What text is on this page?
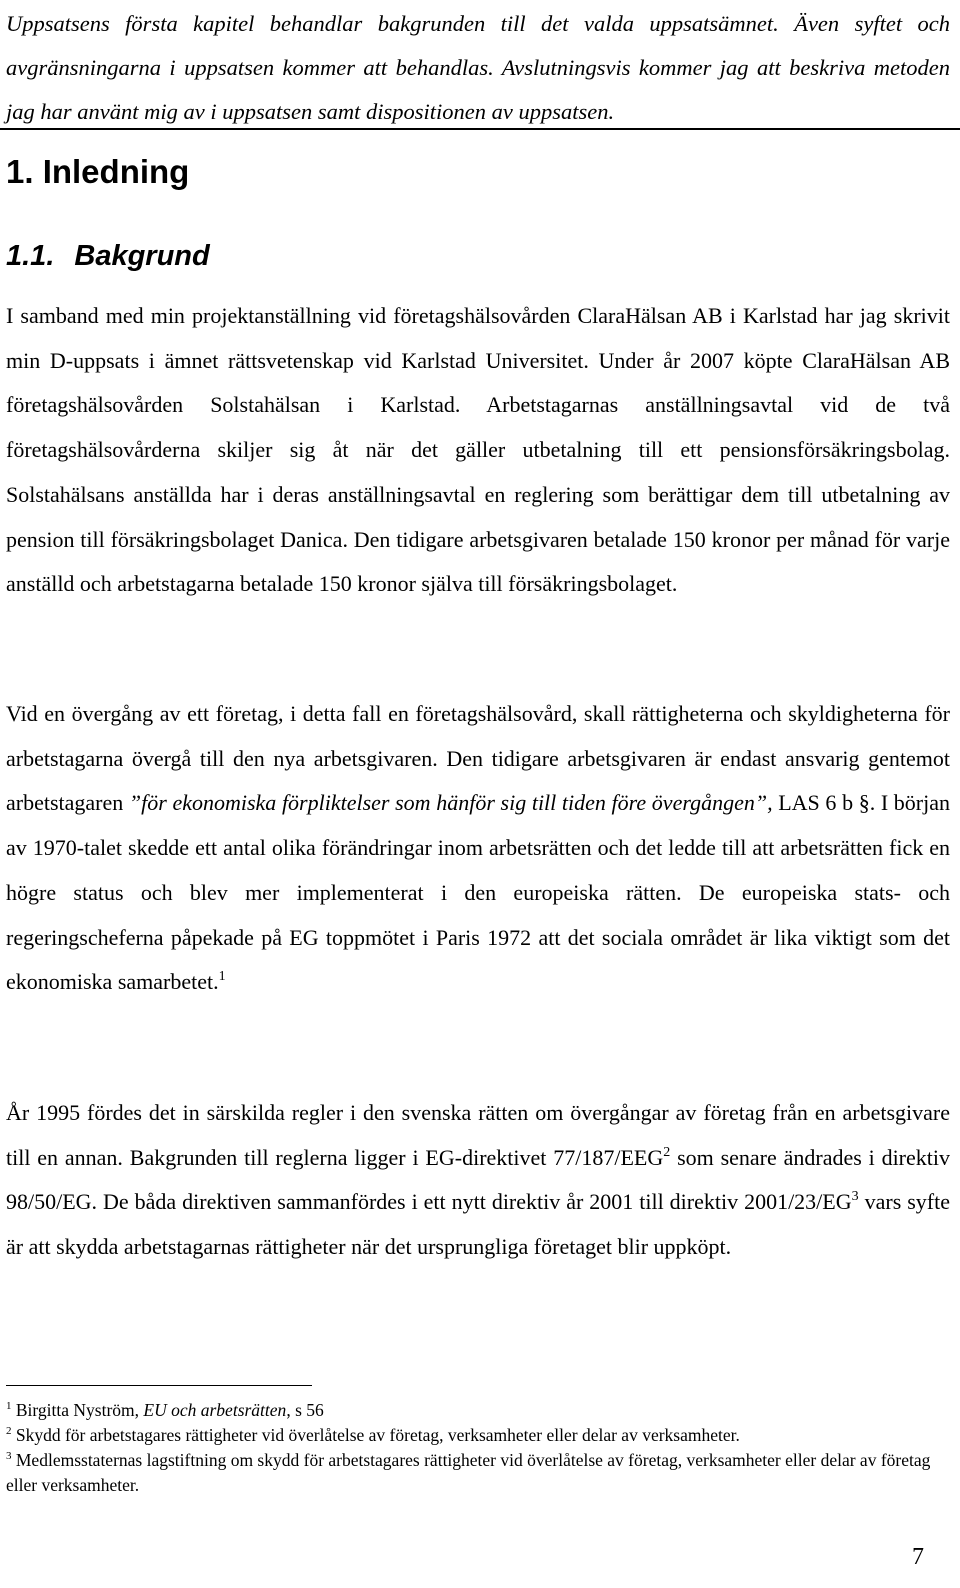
Uppsatsens första kapitel behandlar bakgrunden till det valda uppsatsämnet. Även syftet och avgränsningarna i uppsatsen kommer att behandlas. Avslutningsvis kommer jag att beskriva metoden jag har använt mig av i uppsatsen samt dispositionen av uppsatsen.

1. Inledning
1.1. Bakgrund

I samband med min projektanställning vid företagshälsovården ClaraHälsan AB i Karlstad har jag skrivit min D-uppsats i ämnet rättsvetenskap vid Karlstad Universitet. Under år 2007 köpte ClaraHälsan AB företagshälsovården Solstahälsan i Karlstad. Arbetstagarnas anställningsavtal vid de två företagshälsovårderna skiljer sig åt när det gäller utbetalning till ett pensionsförsäkringsbolag. Solstahälsans anställda har i deras anställningsavtal en reglering som berättigar dem till utbetalning av pension till försäkringsbolaget Danica. Den tidigare arbetsgivaren betalade 150 kronor per månad för varje anställd och arbetstagarna betalade 150 kronor själva till försäkringsbolaget.

Vid en övergång av ett företag, i detta fall en företagshälsovård, skall rättigheterna och skyldigheterna för arbetstagarna övergå till den nya arbetsgivaren. Den tidigare arbetsgivaren är endast ansvarig gentemot arbetstagaren ”för ekonomiska förpliktelser som hänför sig till tiden före övergången”, LAS 6 b §. I början av 1970-talet skedde ett antal olika förändringar inom arbetsrätten och det ledde till att arbetsrätten fick en högre status och blev mer implementerat i den europeiska rätten. De europeiska stats- och regeringscheferna påpekade på EG toppmötet i Paris 1972 att det sociala området är lika viktigt som det ekonomiska samarbetet.$^1$

År 1995 fördes det in särskilda regler i den svenska rätten om övergångar av företag från en arbetsgivare till en annan. Bakgrunden till reglerna ligger i EG-direktivet 77/187/EEG$^2$ som senare ändrades i direktiv 98/50/EG. De båda direktiven sammanfördes i ett nytt direktiv år 2001 till direktiv $2001/23/EG^3$ vars syfte är att skydda arbetstagarnas rättigheter när det ursprungliga företaget blir uppköpt.

$^1$ Birgitta Nyström, EU och arbetsrätten, s 56

$^2$ Skydd för arbetstagares rättigheter vid överlåtelse av företag, verksamheter eller delar av verksamheter.

$^3$ Medlemsstaternas lagstiftning om skydd för arbetstagares rättigheter vid överlåtelse av företag, verksamheter eller delar av företag eller verksamheter.

7
